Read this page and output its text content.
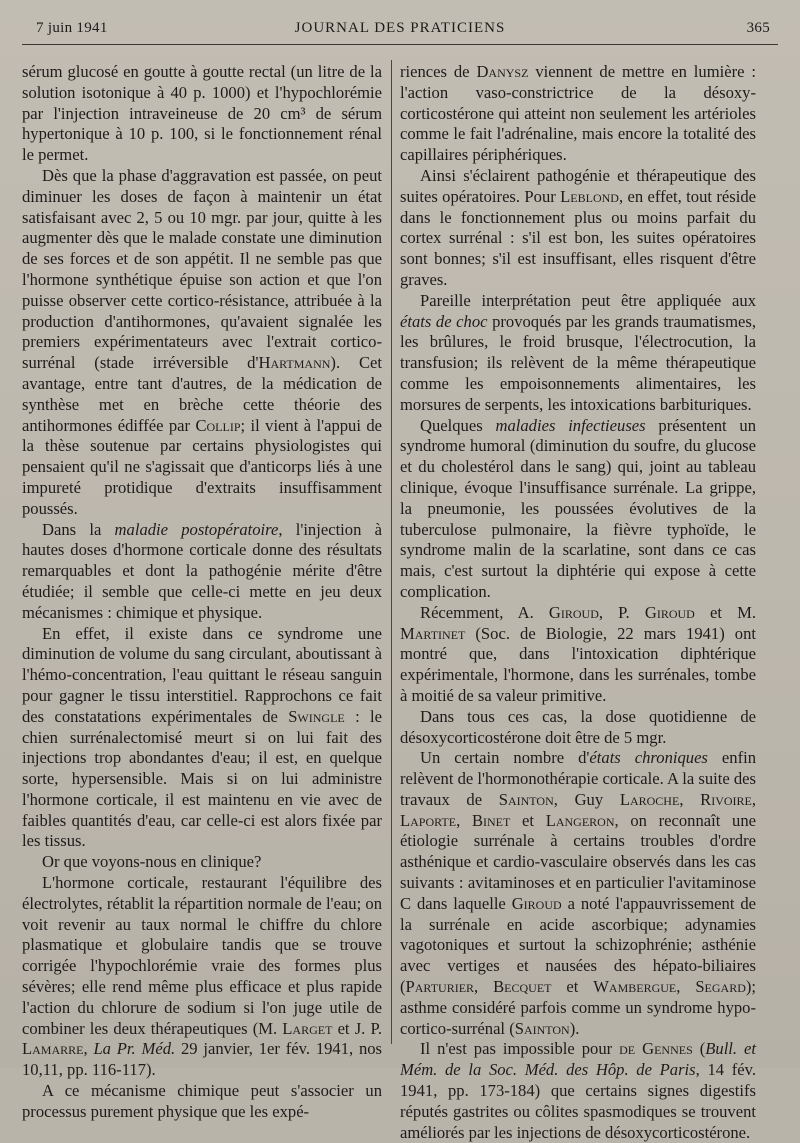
7 juin 1941	JOURNAL DES PRATICIENS	365

sérum glucosé en goutte à goutte rectal (un litre de la solution isotonique à 40 p. 1000) et l'hypochlorémie par l'injection intraveineuse de 20 cm³ de sérum hypertonique à 10 p. 100, si le fonctionnement rénal le permet.

Dès que la phase d'aggravation est passée, on peut diminuer les doses de façon à maintenir un état satisfaisant avec 2, 5 ou 10 mgr. par jour, quitte à les augmenter dès que le malade constate une diminution de ses forces et de son appétit. Il ne semble pas que l'hormone synthétique épuise son action et que l'on puisse observer cette cortico-résistance, attribuée à la production d'antihormones, qu'avaient signalée les premiers expérimentateurs avec l'extrait cortico-surrénal (stade irréversible d'Hartmann). Cet avantage, entre tant d'autres, de la médication de synthèse met en brèche cette théorie des antihormones édiffée par Collip; il vient à l'appui de la thèse soutenue par certains physiologistes qui pensaient qu'il ne s'agissait que d'anticorps liés à une impureté protidique d'extraits insuffisamment poussés.

Dans la maladie postopératoire, l'injection à hautes doses d'hormone corticale donne des résultats remarquables et dont la pathogénie mérite d'être étudiée; il semble que celle-ci mette en jeu deux mécanismes : chimique et physique.

En effet, il existe dans ce syndrome une diminution de volume du sang circulant, aboutissant à l'hémo-concentration, l'eau quittant le réseau sanguin pour gagner le tissu interstitiel. Rapprochons ce fait des constatations expérimentales de Swingle : le chien surrénalectomisé meurt si on lui fait des injections trop abondantes d'eau; il est, en quelque sorte, hypersensible. Mais si on lui administre l'hormone corticale, il est maintenu en vie avec de faibles quantités d'eau, car celle-ci est alors fixée par les tissus.

Or que voyons-nous en clinique?

L'hormone corticale, restaurant l'équilibre des électrolytes, rétablit la répartition normale de l'eau; on voit revenir au taux normal le chiffre du chlore plasmatique et globulaire tandis que se trouve corrigée l'hypochlorémie vraie des formes plus sévères; elle rend même plus efficace et plus rapide l'action du chlorure de sodium si l'on juge utile de combiner les deux thérapeutiques (M. Larget et J. P. Lamarre, La Pr. Méd. 29 janvier, 1er fév. 1941, nos 10,11, pp. 116-117).

A ce mécanisme chimique peut s'associer un processus purement physique que les expé-

riences de Danysz viennent de mettre en lumière : l'action vaso-constrictrice de la désoxy-corticostérone qui atteint non seulement les artérioles comme le fait l'adrénaline, mais encore la totalité des capillaires périphériques.

Ainsi s'éclairent pathogénie et thérapeutique des suites opératoires. Pour Leblond, en effet, tout réside dans le fonctionnement plus ou moins parfait du cortex surrénal : s'il est bon, les suites opératoires sont bonnes; s'il est insuffisant, elles risquent d'être graves.

Pareille interprétation peut être appliquée aux états de choc provoqués par les grands traumatismes, les brûlures, le froid brusque, l'électrocution, la transfusion; ils relèvent de la même thérapeutique comme les empoisonnements alimentaires, les morsures de serpents, les intoxications barbituriques.

Quelques maladies infectieuses présentent un syndrome humoral (diminution du soufre, du glucose et du cholestérol dans le sang) qui, joint au tableau clinique, évoque l'insuffisance surrénale. La grippe, la pneumonie, les poussées évolutives de la tuberculose pulmonaire, la fièvre typhoïde, le syndrome malin de la scarlatine, sont dans ce cas mais, c'est surtout la diphtérie qui expose à cette complication.

Récemment, A. Giroud, P. Giroud et M. Martinet (Soc. de Biologie, 22 mars 1941) ont montré que, dans l'intoxication diphtérique expérimentale, l'hormone, dans les surrénales, tombe à moitié de sa valeur primitive.

Dans tous ces cas, la dose quotidienne de désoxycorticostérone doit être de 5 mgr.

Un certain nombre d'états chroniques enfin relèvent de l'hormonothérapie corticale. A la suite des travaux de Sainton, Guy Laroche, Rivoire, Laporte, Binet et Langeron, on reconnaît une étiologie surrénale à certains troubles d'ordre asthénique et cardio-vasculaire observés dans les cas suivants : avitaminoses et en particulier l'avitaminose C dans laquelle Giroud a noté l'appauvrissement de la surrénale en acide ascorbique; adynamies vagotoniques et surtout la schizophrénie; asthénie avec vertiges et nausées des hépato-biliaires (Parturier, Becquet et Wambergue, Segard); asthme considéré parfois comme un syndrome hypo-cortico-surrénal (Sainton).

Il n'est pas impossible pour de Gennes (Bull. et Mém. de la Soc. Méd. des Hôp. de Paris, 14 fév. 1941, pp. 173-184) que certains signes digestifs réputés gastrites ou côlites spasmodiques se trouvent améliorés par les injections de désoxycorticostérone.
